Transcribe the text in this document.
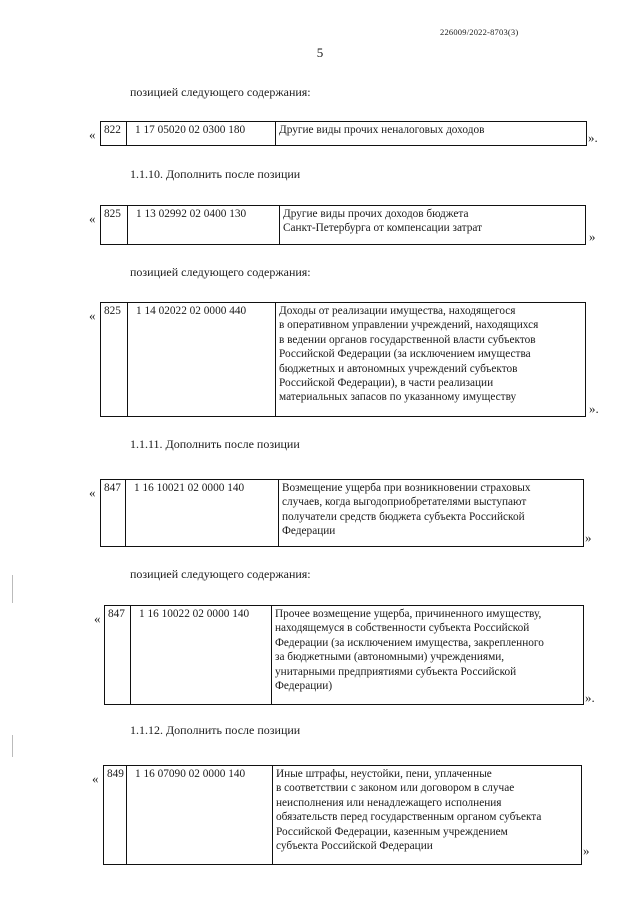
226009/2022-8703(3)
5
позицией следующего содержания:
« 822	1 17 05020 02 0300 180	Другие виды прочих неналоговых доходов	».
1.1.10. Дополнить после позиции
« 825	1 13 02992 02 0400 130	Другие виды прочих доходов бюджета
Санкт-Петербурга от компенсации затрат
»
позицией следующего содержания:
« 825	1 14 02022 02 0000 440	Доходы от реализации имущества, находящегося
в оперативном управлении учреждений, находящихся
в ведении органов государственной власти субъектов
Российской Федерации (за исключением имущества
бюджетных и автономных учреждений субъектов
Российской Федерации), в части реализации
материальных запасов по указанному имуществу
».
1.1.11. Дополнить после позиции
« 847	1 16 10021 02 0000 140	Возмещение ущерба при возникновении страховых
случаев, когда выгодоприобретателями выступают
получатели средств бюджета субъекта Российской
Федерации	»
позицией следующего содержания:
« 847	1 16 10022 02 0000 140	Прочее возмещение ущерба, причиненного имуществу,
находящемуся в собственности субъекта Российской
Федерации (за исключением имущества, закрепленного
за бюджетными (автономными) учреждениями,
унитарными предприятиями субъекта Российской
Федерации)
».
1.1.12. Дополнить после позиции
« 849 1 16 07090 02 0000 140	Иные штрафы, неустойки, пени, уплаченные
в соответствии с законом или договором в случае
неисполнения или ненадлежащего исполнения
обязательств перед государственным органом субъекта
Российской Федерации, казенным учреждением
субъекта Российской Федерации	»
